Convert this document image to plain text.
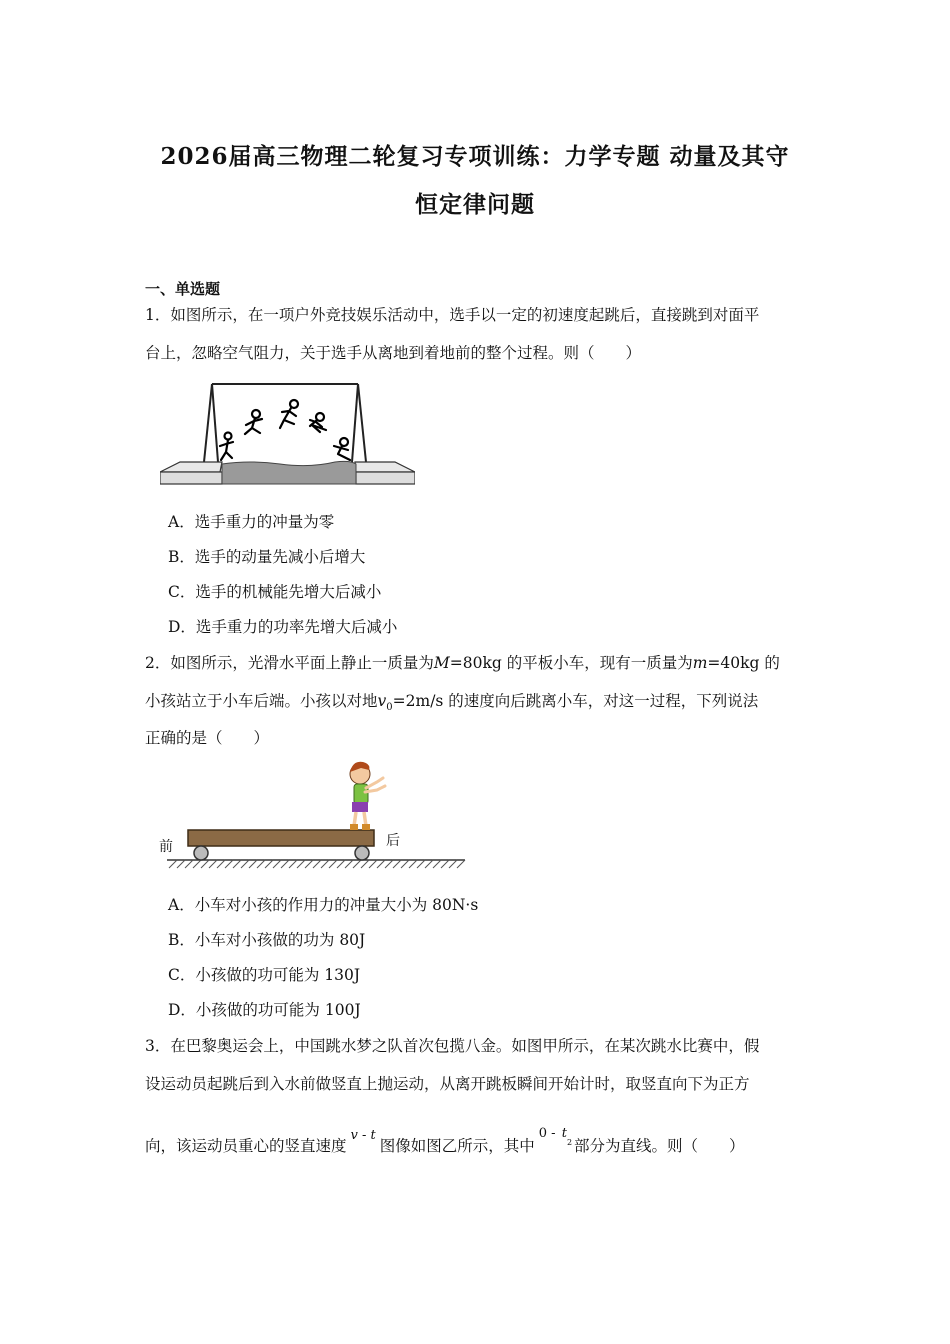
2026届高三物理二轮复习专项训练：力学专题 动量及其守
恒定律问题
一、单选题
1．如图所示，在一项户外竞技娱乐活动中，选手以一定的初速度起跳后，直接跳到对面平
台上，忽略空气阻力，关于选手从离地到着地前的整个过程。则（　　）
A．选手重力的冲量为零
B．选手的动量先减小后增大
C．选手的机械能先增大后减小
D．选手重力的功率先增大后减小
2．如图所示，光滑水平面上静止一质量为M=80kg 的平板小车，现有一质量为m=40kg 的
小孩站立于小车后端。小孩以对地$v_0=2m/s$ 的速度向后跳离小车，对这一过程，下列说法
正确的是（　　）
前	后
A．小车对小孩的作用力的冲量大小为 80N·s
B．小车对小孩做的功为 80J
C．小孩做的功可能为 130J
D．小孩做的功可能为 100J
3．在巴黎奥运会上，中国跳水梦之队首次包揽八金。如图甲所示，在某次跳水比赛中，假
设运动员起跳后到入水前做竖直上抛运动，从离开跳板瞬间开始计时，取竖直向下为正方
向，该运动员重心的竖直速度$^{v - t}$图像如图乙所示，其中$^{0 -}$ $^t_2$ 部分为直线。则（　　）
